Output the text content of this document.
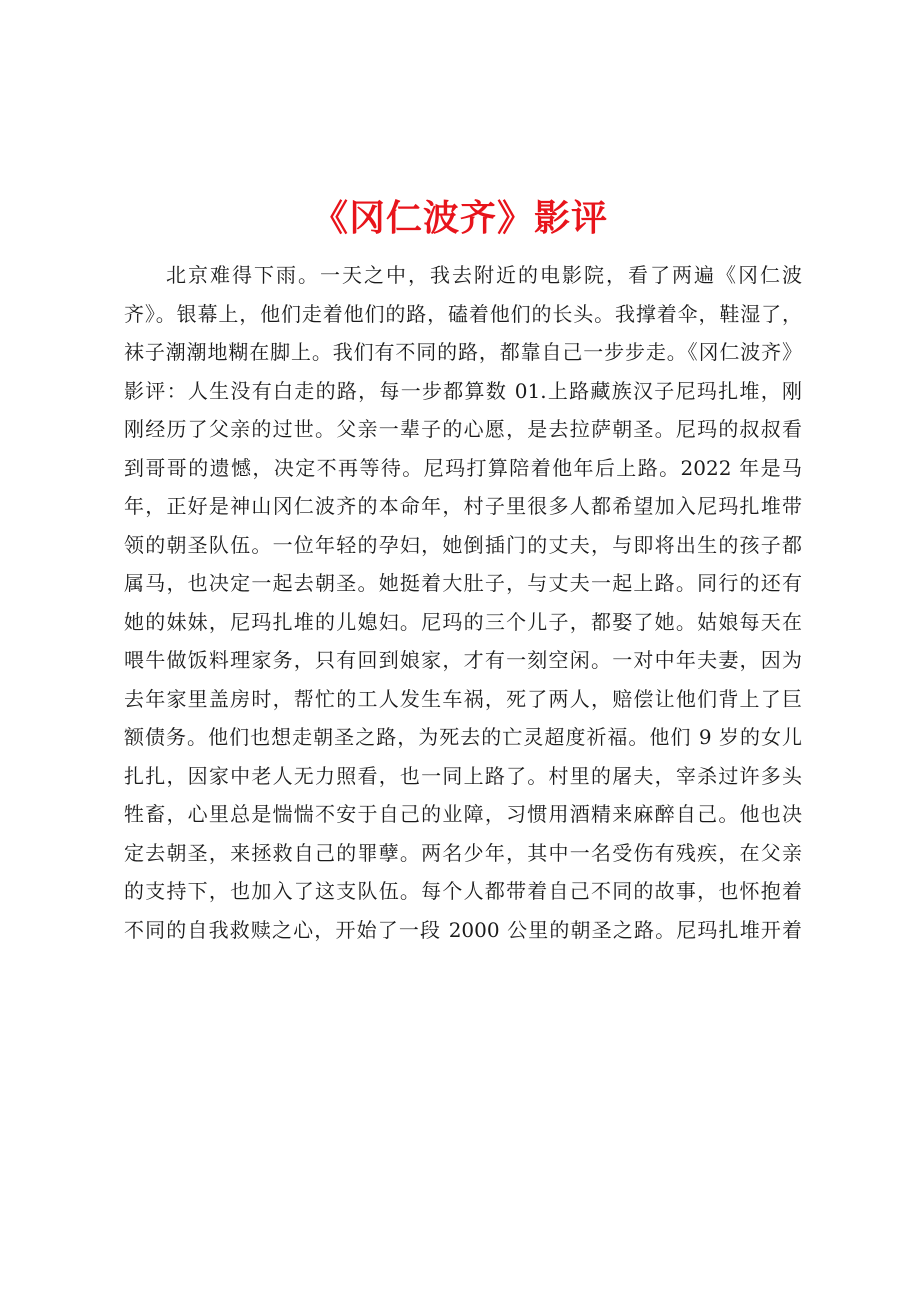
《冈仁波齐》影评
北京难得下雨。一天之中，我去附近的电影院，看了两遍《冈仁波
齐》。银幕上，他们走着他们的路，磕着他们的长头。我撑着伞，鞋湿了，
袜子潮潮地糊在脚上。我们有不同的路，都靠自己一步步走。《冈仁波齐》
影评：人生没有白走的路，每一步都算数 01.上路藏族汉子尼玛扎堆，刚
刚经历了父亲的过世。父亲一辈子的心愿，是去拉萨朝圣。尼玛的叔叔看
到哥哥的遗憾，决定不再等待。尼玛打算陪着他年后上路。2022 年是马
年，正好是神山冈仁波齐的本命年，村子里很多人都希望加入尼玛扎堆带
领的朝圣队伍。一位年轻的孕妇，她倒插门的丈夫，与即将出生的孩子都
属马，也决定一起去朝圣。她挺着大肚子，与丈夫一起上路。同行的还有
她的妹妹，尼玛扎堆的儿媳妇。尼玛的三个儿子，都娶了她。姑娘每天在
喂牛做饭料理家务，只有回到娘家，才有一刻空闲。一对中年夫妻，因为
去年家里盖房时，帮忙的工人发生车祸，死了两人，赔偿让他们背上了巨
额债务。他们也想走朝圣之路，为死去的亡灵超度祈福。他们 9 岁的女儿
扎扎，因家中老人无力照看，也一同上路了。村里的屠夫，宰杀过许多头
牲畜，心里总是惴惴不安于自己的业障，习惯用酒精来麻醉自己。他也决
定去朝圣，来拯救自己的罪孽。两名少年，其中一名受伤有残疾，在父亲
的支持下，也加入了这支队伍。每个人都带着自己不同的故事，也怀抱着
不同的自我救赎之心，开始了一段 2000 公里的朝圣之路。尼玛扎堆开着
